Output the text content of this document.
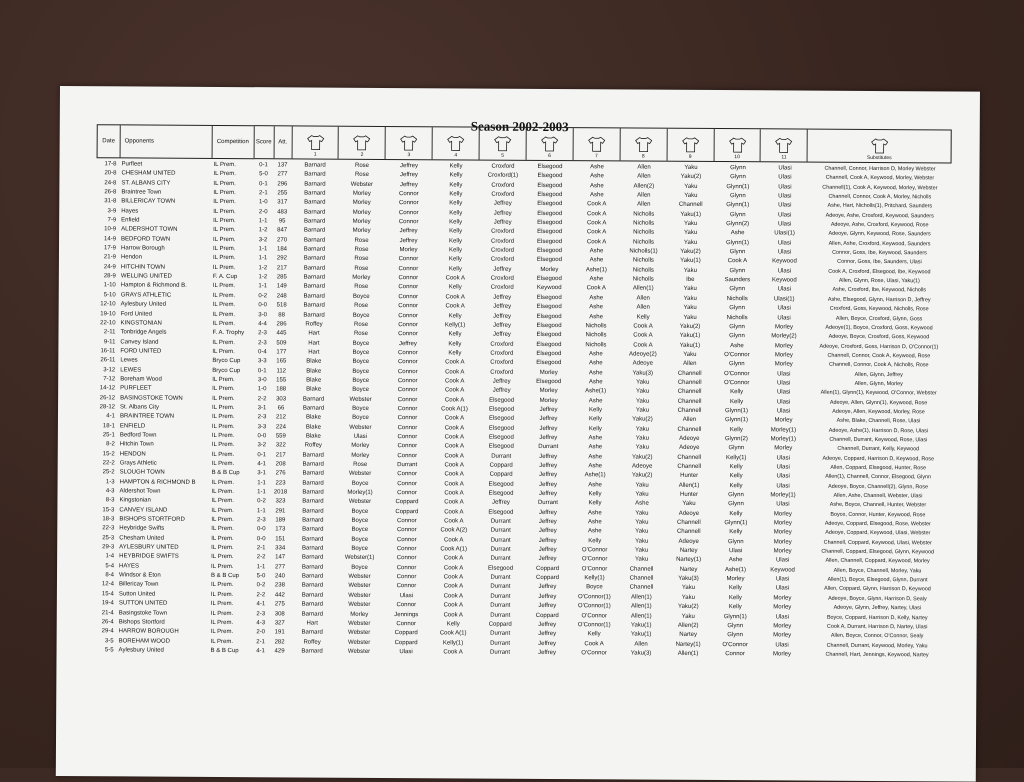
Season 2002-2003
Date	Opponents	Competition	Score	Att.
1	2	3	4	5	6	7	8	9	10	11	Substitutes
17-8 Purfleet	IL Prem.	0-1	137	Barnard	Rose	Jeffrey	Kelly	Croxford	Elsegood	Ashe	Allen	Yaku	Glynn	Ulasi	Channell, Connor, Harrison D, Morley Webster
20-8 CHESHAM UNITED	IL Prem.	5-0	277	Barnard	Rose	Jeffrey	Kelly	Croxford(1)	Elsegood	Ashe	Allen	Yaku(2)	Glynn	Ulasi	Channell, Cook A, Keywood, Morley, Webster
24-8 ST. ALBANS CITY	IL Prem.	0-1	296	Barnard	Webster	Jeffrey	Kelly	Croxford	Elsegood	Ashe	Allen(2)	Yaku	Glynn(1)	Ulasi	Channell(1), Cook A, Keywood, Morley, Webster
26-8 Braintree Town	IL Prem.	2-1	255	Barnard	Morley	Connor	Kelly	Croxford	Elsegood	Ashe	Allen	Yaku	Glynn	Ulasi	Channell, Connor, Cook A, Morley, Nicholls
31-8 BILLERICAY TOWN	IL Prem.	1-0	317	Barnard	Morley	Connor	Kelly	Jeffrey	Elsegood	Cook A	Allen	Channell	Glynn(1)	Ulasi	Ashe, Hart, Nicholls(1), Pritchard, Saunders
3-9 Hayes	IL Prem.	2-0	483	Barnard	Morley	Connor	Kelly	Jeffrey	Elsegood	Cook A	Nicholls	Yaku(1)	Glynn	Ulasi	Adeoye, Ashe, Croxford, Keywood, Saunders
7-9 Enfield	IL Prem.	1-1	95	Barnard	Morley	Connor	Kelly	Jeffrey	Elsegood	Cook A	Nicholls	Yaku	Glynn(2)	Ulasi	Adeoye, Ashe, Croxford, Keywood, Rose
10-9 ALDERSHOT TOWN	IL Prem.	1-2	847	Barnard	Morley	Jeffrey	Kelly	Croxford	Elsegood	Cook A	Nicholls	Yaku	Ashe	Ulasi(1)	Adeoye, Glynn, Keywood, Rose, Saunders
14-9 BEDFORD TOWN	IL Prem.	3-2	270	Barnard	Rose	Jeffrey	Kelly	Croxford	Elsegood	Cook A	Nicholls	Yaku	Glynn(1)	Ulasi	Allen, Ashe, Croxford, Keywood, Saunders
17-9 Harrow Borough	IL Prem.	1-1	184	Barnard	Rose	Morley	Kelly	Croxford	Elsegood	Ashe	Nicholls(1)	Yaku(2)	Glynn	Ulasi	Connor, Goss, Ibe, Keywood, Saunders
21-9 Hendon	IL Prem.	1-1	292	Barnard	Rose	Connor	Kelly	Croxford	Elsegood	Ashe	Nicholls	Yaku(1)	Cook A	Keywood	Connor, Goss, Ibe, Saunders, Ulasi
24-9 HITCHIN TOWN	IL Prem.	1-2	217	Barnard	Rose	Connor	Kelly	Jeffrey	Morley	Ashe(1)	Nicholls	Yaku	Glynn	Ulasi	Cook A, Croxford, Elsegood, Ibe, Keywood
28-9 WELLING UNITED	F. A. Cup	1-2	285	Barnard	Morley	Connor	Cook A	Croxford	Elsegood	Ashe	Nicholls	Ibe	Saunders	Keywood	Allen, Glynn, Rose, Ulasi, Yaku(1)
1-10 Hampton & Richmond B.	IL Prem.	1-1	149	Barnard	Rose	Connor	Kelly	Croxford	Keywood	Cook A	Allen(1)	Yaku	Glynn	Ulasi	Ashe, Croxford, Ibe, Keywood, Nicholls
5-10 GRAYS ATHLETIC	IL Prem.	0-2	248	Barnard	Boyce	Connor	Cook A	Jeffrey	Elsegood	Ashe	Allen	Yaku	Nicholls	Ulasi(1)	Ashe, Elsegood, Glynn, Harrison D, Jeffrey
12-10 Aylesbury United	IL Prem.	0-0	518	Barnard	Rose	Connor	Cook A	Jeffrey	Elsegood	Ashe	Allen	Yaku	Glynn	Ulasi	Croxford, Goss, Keywood, Nicholls, Rose
19-10 Ford United	IL Prem.	3-0	88	Barnard	Boyce	Connor	Kelly	Jeffrey	Elsegood	Ashe	Kelly	Yaku	Nicholls	Ulasi	Allen, Boyce, Croxford, Glynn, Goss
22-10 KINGSTONIAN	IL Prem.	4-4	286	Roffey	Rose	Connor	Kelly(1)	Jeffrey	Elsegood	Nicholls	Cook A	Yaku(2)	Glynn	Morley	Adeoye(1), Boyce, Croxford, Goss, Keywood
2-11 Tonbridge Angels	F. A. Trophy	2-3	445	Hart	Rose	Connor	Kelly	Jeffrey	Elsegood	Nicholls	Cook A	Yaku(1)	Glynn	Morley(2)	Adeoye, Boyce, Croxford, Goss, Keywood
9-11 Canvey Island	IL Prem.	2-3	509	Hart	Boyce	Jeffrey	Kelly	Croxford	Elsegood	Nicholls	Cook A	Yaku(1)	Ashe	Morley	Adeoye, Croxford, Goss, Harrison D, O'Connor(1)
16-11 FORD UNITED	IL Prem.	0-4	177	Hart	Boyce	Connor	Kelly	Croxford	Elsegood	Ashe	Adeoye(2)	Yaku	O'Connor	Morley	Channell, Connor, Cook A, Keywood, Rose
26-11 Lewes	Bryco Cup	3-3	165	Blake	Boyce	Connor	Cook A	Croxford	Elsegood	Ashe	Adeoye	Allen	Glynn	Morley	Channell, Connor, Cook A, Nicholls, Rose
3-12 LEWES	Bryco Cup	0-1	112	Blake	Boyce	Connor	Cook A	Croxford	Morley	Ashe	Yaku(3)	Channell	O'Connor	Ulasi	Allen, Glynn, Jeffrey
7-12 Boreham Wood	IL Prem.	3-0	155	Blake	Boyce	Connor	Cook A	Jeffrey	Elsegood	Ashe	Yaku	Channell	O'Connor	Ulasi	Allen, Glynn, Morley
14-12 PURFLEET	IL Prem.	1-0	188	Blake	Boyce	Connor	Cook A	Jeffrey	Morley	Ashe(1)	Yaku	Channell	Kelly	Ulasi	Allen(1), Glynn(1), Keywood, O'Connor, Webster
26-12 BASINGSTOKE TOWN	IL Prem.	2-2	303	Barnard	Webster	Connor	Cook A	Elsegood	Morley	Ashe	Yaku	Channell	Kelly	Ulasi	Adeoye, Allen, Glynn(1), Keywood, Rose
28-12 St. Albans City	IL Prem.	3-1	66	Barnard	Boyce	Connor	Cook A(1)	Elsegood	Jeffrey	Kelly	Yaku	Channell	Glynn(1)	Ulasi	Adeoye, Allen, Keywood, Morley, Rose
4-1 BRAINTREE TOWN	IL Prem.	2-3	212	Blake	Boyce	Connor	Cook A	Elsegood	Jeffrey	Kelly	Yaku(2)	Allen	Glynn(1)	Morley	Ashe, Blake, Channell, Rose, Ulasi
18-1 ENFIELD	IL Prem.	3-3	224	Blake	Webster	Connor	Cook A	Elsegood	Jeffrey	Kelly	Yaku	Channell	Kelly	Morley(1)	Adeoye, Ashe(1), Harrison D, Rose, Ulasi
25-1 Bedford Town	IL Prem.	0-0	559	Blake	Ulasi	Connor	Cook A	Elsegood	Jeffrey	Ashe	Yaku	Adeoye	Glynn(2)	Morley(1)	Channell, Durrant, Keywood, Rose, Ulasi
8-2 Hitchin Town	IL Prem.	3-2	322	Roffey	Morley	Connor	Cook A	Elsegood	Durrant	Ashe	Yaku	Adeoye	Glynn	Morley	Channell, Durrant, Kelly, Keywood
15-2 HENDON	IL Prem.	0-1	217	Barnard	Morley	Connor	Cook A	Durrant	Jeffrey	Ashe	Yaku(2)	Channell	Kelly(1)	Ulasi	Adeoye, Coppard, Harrison D, Keywood, Rose
22-2 Grays Athletic	IL Prem.	4-1	208	Barnard	Rose	Durrant	Cook A	Coppard	Jeffrey	Ashe	Adeoye	Channell	Kelly	Ulasi	Allen, Coppard, Elsegood, Hunter, Rose
25-2 SLOUGH TOWN	B & B Cup	3-1	276	Barnard	Webster	Connor	Cook A	Coppard	Jeffrey	Ashe(1)	Yaku(2)	Hunter	Kelly	Ulasi	Allen(1), Channell, Connor, Elsegood, Glynn
1-3 HAMPTON & RICHMOND B	IL Prem.	1-1	223	Barnard	Boyce	Connor	Cook A	Elsegood	Jeffrey	Ashe	Yaku	Allen(1)	Kelly	Ulasi	Adeoye, Boyce, Channell(2), Glynn, Rose
4-3 Aldershot Town	IL Prem.	1-1	2018	Barnard	Morley(1)	Connor	Cook A	Elsegood	Jeffrey	Kelly	Yaku	Hunter	Glynn	Morley(1)	Allen, Ashe, Channell, Webster, Ulasi
8-3 Kingstonian	IL Prem.	0-2	323	Barnard	Webster	Coppard	Cook A	Jeffrey	Durrant	Kelly	Ashe	Yaku	Glynn	Ulasi	Ashe, Boyce, Channell, Hunter, Webster
15-3 CANVEY ISLAND	IL Prem.	1-1	291	Barnard	Boyce	Coppard	Cook A	Elsegood	Jeffrey	Ashe	Yaku	Adeoye	Kelly	Morley	Boyce, Connor, Hunter, Keywood, Rose
18-3 BISHOPS STORTFORD	IL Prem.	2-3	189	Barnard	Boyce	Connor	Cook A	Durrant	Jeffrey	Ashe	Yaku	Channell	Glynn(1)	Morley	Adeoye, Coppard, Elsegood, Rose, Webster
22-3 Heybridge Swifts	IL Prem.	0-0	173	Barnard	Boyce	Connor	Cook A(2)	Durrant	Jeffrey	Ashe	Yaku	Channell	Kelly	Morley	Adeoye, Coppard, Keywood, Ulasi, Webster
25-3 Chesham United	IL Prem.	0-0	151	Barnard	Boyce	Connor	Cook A	Durrant	Jeffrey	Kelly	Yaku	Adeoye	Glynn	Morley	Channell, Coppard, Keywood, Ulasi, Webster
29-3 AYLESBURY UNITED	IL Prem.	2-1	334	Barnard	Boyce	Connor	Cook A(1)	Durrant	Jeffrey	O'Connor	Yaku	Nartey	Ulasi	Morley	Channell, Coppard, Elsegood, Glynn, Keywood
1-4 HEYBRIDGE SWIFTS	IL Prem.	2-2	147	Barnard	Webster(1)	Connor	Cook A	Durrant	Jeffrey	O'Connor	Yaku	Nartey(1)	Ashe	Ulasi	Allen, Channell, Coppard, Keywood, Morley
5-4 HAYES	IL Prem.	1-1	277	Barnard	Boyce	Connor	Cook A	Elsegood	Coppard	O'Connor	Channell	Nartey	Ashe(1)	Keywood	Allen, Boyce, Channell, Morley, Yaku
8-4 Windsor & Eton	B & B Cup	5-0	240	Barnard	Webster	Connor	Cook A	Durrant	Coppard	Kelly(1)	Channell	Yaku(3)	Morley	Ulasi	Allen(1), Boyce, Elsegood, Glynn, Durrant
12-4 Billericay Town	IL Prem.	0-2	238	Barnard	Webster	Connor	Cook A	Durrant	Jeffrey	Boyce	Channell	Yaku	Kelly	Ulasi	Allen, Coppard, Glynn, Harrison D, Keywood
15-4 Sutton United	IL Prem.	2-2	442	Barnard	Webster	Ulasi	Cook A	Durrant	Jeffrey	O'Connor(1)	Allen(1)	Yaku	Kelly	Morley	Adeoye, Boyce, Glynn, Harrison D, Sealy
19-4 SUTTON UNITED	IL Prem.	4-1	275	Barnard	Webster	Connor	Cook A	Durrant	Jeffrey	O'Connor(1)	Allen(1)	Yaku(2)	Kelly	Morley	Adeoye, Glynn, Jeffrey, Nartey, Ulasi
21-4 Basingstoke Town	IL Prem.	2-3	308	Barnard	Morley	Jennings	Cook A	Durrant	Coppard	O'Connor	Allen(1)	Yaku	Glynn(1)	Ulasi	Boyce, Coppard, Harrison D, Kelly, Nartey
26-4 Bishops Stortford	IL Prem.	4-3	327	Hart	Webster	Connor	Kelly	Coppard	Jeffrey	O'Connor(1)	Yaku(1)	Allen(2)	Glynn	Morley	Cook A, Durrant, Harrison D, Nartey, Ulasi
29-4 HARROW BOROUGH	IL Prem.	2-0	191	Barnard	Webster	Coppard	Cook A(1)	Durrant	Jeffrey	Kelly	Yaku(1)	Nartey	Glynn	Morley	Allen, Boyce, Connor, O'Connor, Sealy
3-5 BOREHAM WOOD	IL Prem.	2-1	282	Roffey	Webster	Coppard	Kelly(1)	Durrant	Jeffrey	Cook A	Allen	Nartey(1)	O'Connor	Ulasi	Channell, Durrant, Keywood, Morley, Yaku
5-5 Aylesbury United	B & B Cup	4-1	429	Barnard	Webster	Ulasi	Cook A	Durrant	Jeffrey	O'Connor	Yaku(3)	Allen(1)	Connor	Morley	Channell, Hart, Jennings, Keywood, Nartey
